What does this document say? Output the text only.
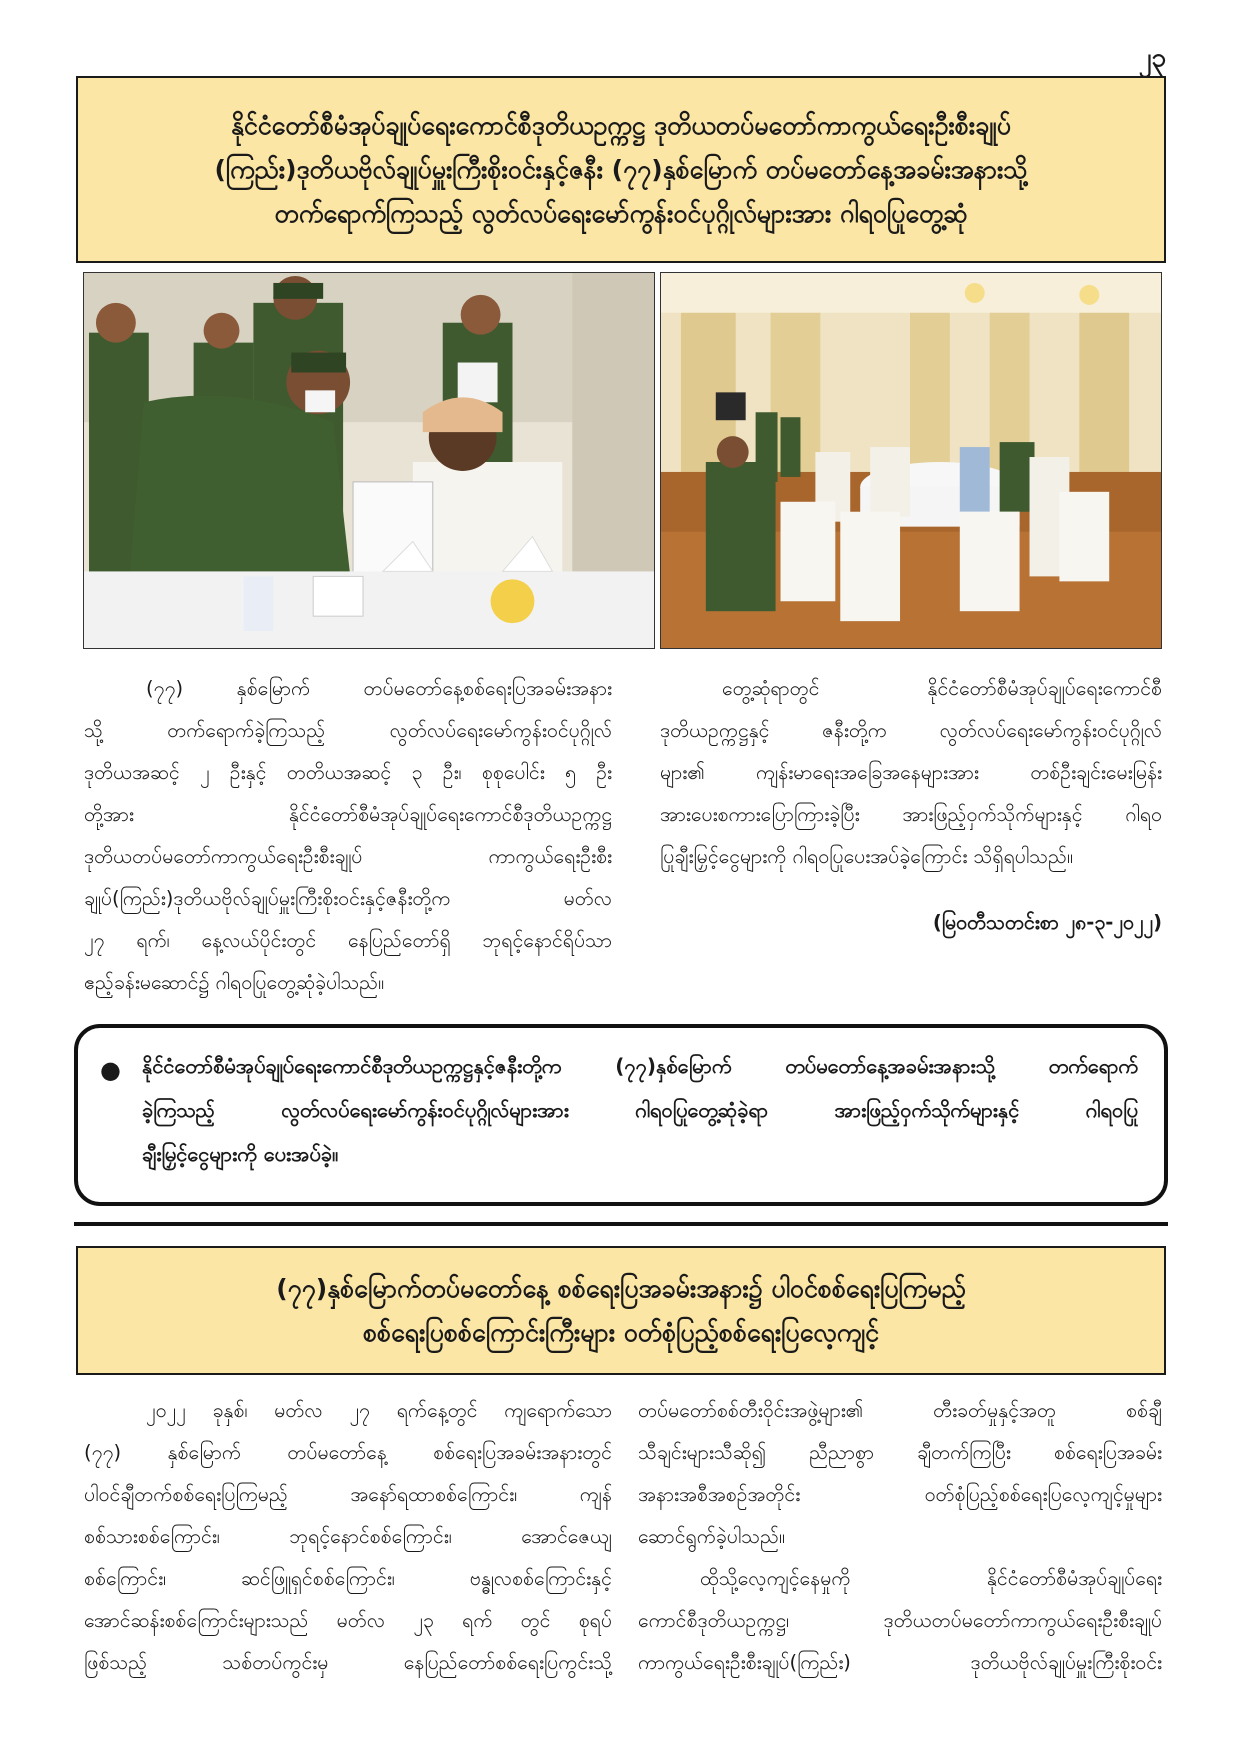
၂၃
နိုင်ငံတော်စီမံအုပ်ချုပ်ရေးကောင်စီဒုတိယဥက္ကဋ္ဌ ဒုတိယတပ်မတော်ကာကွယ်ရေးဦးစီးချုပ်
(ကြည်း)ဒုတိယဗိုလ်ချုပ်မှူးကြီးစိုးဝင်းနှင့်ဇနီး (၇၇)နှစ်မြောက် တပ်မတော်နေ့အခမ်းအနားသို့
တက်ရောက်ကြသည့် လွတ်လပ်ရေးမော်ကွန်းဝင်ပုဂ္ဂိုလ်များအား ဂါရဝပြုတွေ့ဆုံ
(၇၇) နှစ်မြောက် တပ်မတော်နေ့စစ်ရေးပြအခမ်းအနား
သို့ တက်ရောက်ခဲ့ကြသည့် လွတ်လပ်ရေးမော်ကွန်းဝင်ပုဂ္ဂိုလ်
ဒုတိယအဆင့် ၂ ဦးနှင့် တတိယအဆင့် ၃ ဦး၊ စုစုပေါင်း ၅ ဦး
တို့အား နိုင်ငံတော်စီမံအုပ်ချုပ်ရေးကောင်စီဒုတိယဥက္ကဋ္ဌ
ဒုတိယတပ်မတော်ကာကွယ်ရေးဦးစီးချုပ် ကာကွယ်ရေးဦးစီး
ချုပ်(ကြည်း)ဒုတိယဗိုလ်ချုပ်မှူးကြီးစိုးဝင်းနှင့်ဇနီးတို့က မတ်လ
၂၇ ရက်၊ နေ့လယ်ပိုင်းတွင် နေပြည်တော်ရှိ ဘုရင့်နောင်ရိပ်သာ
ဧည့်ခန်းမဆောင်၌ ဂါရဝပြုတွေ့ဆုံခဲ့ပါသည်။
တွေ့ဆုံရာတွင် နိုင်ငံတော်စီမံအုပ်ချုပ်ရေးကောင်စီ
ဒုတိယဥက္ကဋ္ဌနှင့် ဇနီးတို့က လွတ်လပ်ရေးမော်ကွန်းဝင်ပုဂ္ဂိုလ်
များ၏ ကျန်းမာရေးအခြေအနေများအား တစ်ဦးချင်းမေးမြန်း
အားပေးစကားပြောကြားခဲ့ပြီး အားဖြည့်ဝှက်သိုက်များနှင့် ဂါရဝ
ပြုချီးမြှင့်ငွေများကို ဂါရဝပြုပေးအပ်ခဲ့ကြောင်း သိရှိရပါသည်။
(မြဝတီသတင်းစာ ၂၈-၃-၂၀၂၂)
● နိုင်ငံတော်စီမံအုပ်ချုပ်ရေးကောင်စီဒုတိယဥက္ကဋ္ဌနှင့်ဇနီးတို့က (၇၇)နှစ်မြောက် တပ်မတော်နေ့အခမ်းအနားသို့ တက်ရောက်
ခဲ့ကြသည့် လွတ်လပ်ရေးမော်ကွန်းဝင်ပုဂ္ဂိုလ်များအား ဂါရဝပြုတွေ့ဆုံခဲ့ရာ အားဖြည့်ဝှက်သိုက်များနှင့် ဂါရဝပြု
ချီးမြှင့်ငွေများကို ပေးအပ်ခဲ့။
(၇၇)နှစ်မြောက်တပ်မတော်နေ့ စစ်ရေးပြအခမ်းအနား၌ ပါဝင်စစ်ရေးပြကြမည့်
စစ်ရေးပြစစ်ကြောင်းကြီးများ ဝတ်စုံပြည့်စစ်ရေးပြလေ့ကျင့်
၂၀၂၂ ခုနှစ်၊ မတ်လ ၂၇ ရက်နေ့တွင် ကျရောက်သော
(၇၇) နှစ်မြောက် တပ်မတော်နေ့ စစ်ရေးပြအခမ်းအနားတွင်
ပါဝင်ချီတက်စစ်ရေးပြကြမည့် အနော်ရထာစစ်ကြောင်း၊ ကျန်
စစ်သားစစ်ကြောင်း၊ ဘုရင့်နောင်စစ်ကြောင်း၊ အောင်ဇေယျ
စစ်ကြောင်း၊ ဆင်ဖြူရှင်စစ်ကြောင်း၊ ဗန္ဓုလစစ်ကြောင်းနှင့်
အောင်ဆန်းစစ်ကြောင်းများသည် မတ်လ ၂၃ ရက် တွင် စုရပ်
ဖြစ်သည့် သစ်တပ်ကွင်းမှ နေပြည်တော်စစ်ရေးပြကွင်းသို့
တပ်မတော်စစ်တီးဝိုင်းအဖွဲ့များ၏ တီးခတ်မှုနှင့်အတူ စစ်ချီ
သီချင်းများသီဆို၍ ညီညာစွာ ချီတက်ကြပြီး စစ်ရေးပြအခမ်း
အနားအစီအစဉ်အတိုင်း ဝတ်စုံပြည့်စစ်ရေးပြလေ့ကျင့်မှုများ
ဆောင်ရွက်ခဲ့ပါသည်။
ထိုသို့လေ့ကျင့်နေမှုကို နိုင်ငံတော်စီမံအုပ်ချုပ်ရေး
ကောင်စီဒုတိယဥက္ကဋ္ဌ၊ ဒုတိယတပ်မတော်ကာကွယ်ရေးဦးစီးချုပ်
ကာကွယ်ရေးဦးစီးချုပ်(ကြည်း) ဒုတိယဗိုလ်ချုပ်မှူးကြီးစိုးဝင်း
